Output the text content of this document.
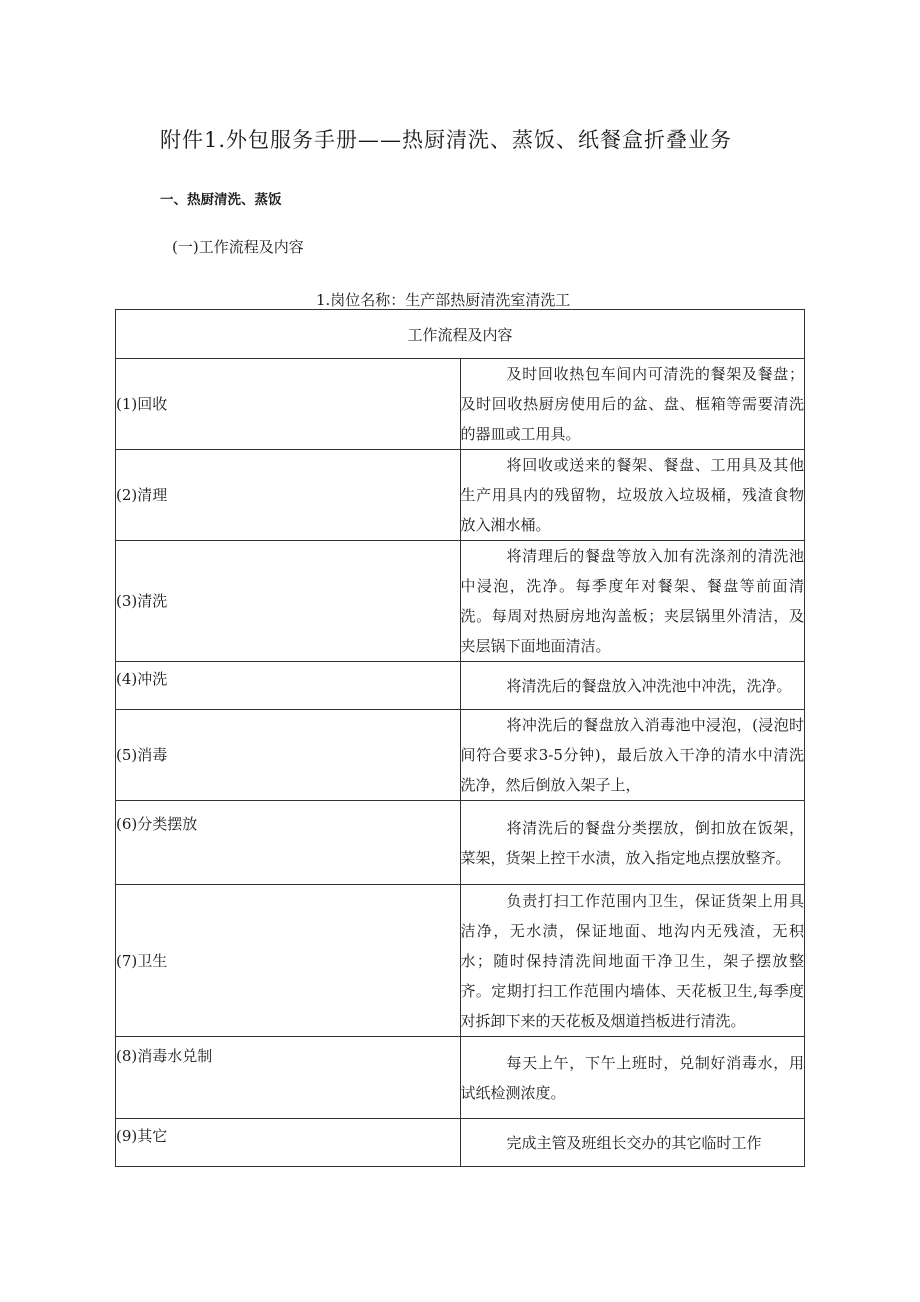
附件1.外包服务手册——热厨清洗、蒸饭、纸餐盒折叠业务
一、热厨清洗、蒸饭
(一)工作流程及内容
1.岗位名称：生产部热厨清洗室清洗工
工作流程及内容	
(1)回收	及时回收热包车间内可清洗的餐架及餐盘；及时回收热厨房使用后的盆、盘、框箱等需要清洗的器皿或工用具。

(2)清理	将回收或送来的餐架、餐盘、工用具及其他生产用具内的残留物，垃圾放入垃圾桶，残渣食物放入湘水桶。

(3)清洗	将清理后的餐盘等放入加有洗涤剂的清洗池中浸泡，洗净。每季度年对餐架、餐盘等前面清洗。每周对热厨房地沟盖板；夹层锅里外清洁，及夹层锅下面地面清洁。

(4)冲洗	将清洗后的餐盘放入冲洗池中冲洗，洗净。

(5)消毒	将冲洗后的餐盘放入消毒池中浸泡，(浸泡时间符合要求3-5分钟)，最后放入干净的清水中清洗洗净，然后倒放入架子上，

(6)分类摆放	将清洗后的餐盘分类摆放，倒扣放在饭架，菜架，货架上控干水渍，放入指定地点摆放整齐。

(7)卫生	负责打扫工作范围内卫生，保证货架上用具洁净，无水渍，保证地面、地沟内无残渣，无积水；随时保持清洗间地面干净卫生，架子摆放整齐。定期打扫工作范围内墙体、天花板卫生,每季度对拆卸下来的天花板及烟道挡板进行清洗。

(8)消毒水兑制	每天上午，下午上班时，兑制好消毒水，用试纸检测浓度。

(9)其它	完成主管及班组长交办的其它临时工作
